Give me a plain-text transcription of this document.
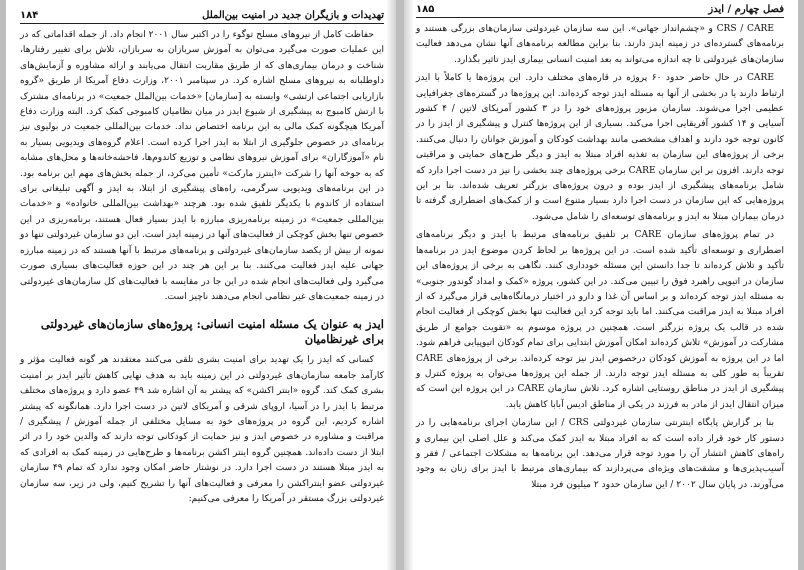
تهدیدات و بازیگران جدید در امنیت بین‌الملل
۱۸۴

حفاظت کامل از نیروهای مسلح توگوء را در اکتبر سال ۲۰۰۱ انجام داد. از جمله اقداماتی که در این عملیات صورت می‌گیرد می‌توان به آموزش سربازان به سربازان، تلاش برای تغییر رفتارها، شناخت و درمان بیماری‌های که از طریق مقاربت انتقال می‌یابند و ارائه مشاوره و آزمایش‌های داوطلبانه به نیروهای مسلح اشاره کرد. در سپتامبر ۲۰۰۱، وزارت دفاع آمریکا از طریق «گروه بازاریابی اجتماعی ارتشی» وابسته به [سازمان] «خدمات بین‌الملل جمعیت» در برنامه‌ای مشترک با ارتش کامبوج به پیشگیری از شیوع ایدز در میان نظامیان کامبوجی کمک کرد. البته وزارت دفاع آمریکا هیچگونه کمک مالی به این برنامه اختصاص نداد. خدمات بین‌المللی جمعیت در بولیوی نیز برنامه‌ای در خصوص جلوگیری از ابتلا به ایدز اجرا کرده است. اعلام گروه‌های ویدیویی بسیار به نام «آموزگاران» برای آموزش نیروهای نظامی و توزیع کاندوم‌ها، فاحشه‌خانه‌ها و محل‌های مشابه که به جوخه آنها را شرکت «اینترز مارکت» تأمین می‌کرد، از جمله بخش‌های مهم این برنامه بود. در این برنامه‌های ویدیویی سرگرمی، راه‌های پیشگیری از ابتلا، به ایدز و آگهی تبلیغاتی برای استفاده از کاندوم با یکدیگر تلفیق شده بود. هرچند «بهداشت بین‌المللی خانواده» و «خدمات بین‌المللی جمعیت» در زمینه برنامه‌ریزی مبارزه با ایدز بسیار فعال هستند، برنامه‌ریزی در این خصوص تنها بخش کوچکی از فعالیت‌های آنها در زمینه ایدز است. این دو سازمان غیردولتی تنها دو نمونه از بیش از یکصد سازمان‌های غیردولتی و برنامه‌های مرتبط با آنها هستند که در زمینه مبارزه جهانی علیه ایدز فعالیت می‌کنند. بنا بر این هر چند در این حوزه فعالیت‌های بسیاری صورت می‌گیرد ولی فعالیت‌های انجام شده در این جا در مقایسه با فعالیت‌های کل سازمان‌های غیردولتی در زمینه جمعیت‌های غیر نظامی انجام می‌دهند ناچیز است.

ایدز به عنوان یک مسئله امنیت انسانی: پروژه‌های سازمان‌های غیردولتی برای غیرنظامیان

کسانی که ایدز را یک تهدید برای امنیت بشری تلقی می‌کنند معتقدند هر گونه فعالیت مؤثر و کارآمد جامعه سازمان‌های غیردولتی در این زمینه باید به هدف نهایی کاهش تأثیر ایدز بر امنیت بشری کمک کند. گروه «اینتر اکشن» که پیشتر به آن اشاره شد ۴۹ عضو دارد و پروژه‌های مختلف مرتبط با ایدز را در آسیا، اروپای شرقی و آمریکای لاتین در دست اجرا دارد. همانگونه که پیشتر اشاره کردیم، این گروه در پروژه‌های خود به مسایل مختلفی از جمله آموزش / پیشگیری / مراقبت و مشاوره در خصوص ایدز و نیز حمایت از کودکانی توجه دارند که والدین خود را در اثر ابتلا از دست داده‌اند. همچنین گروه اینتر اکشن برنامه‌ها و طرح‌هایی در زمینه کمک به افرادی که به ایدز مبتلا هستند در دست اجرا دارد. در نوشتار حاضر امکان وجود ندارد که تمام ۴۹ سازمان غیردولتی عضو اینتراکشن را معرفی و فعالیت‌های آنها را تشریح کنیم، ولی در زیر، سه سازمان غیردولتی بزرگ مستقر در آمریکا را معرفی می‌کنیم:

فصل چهارم / ایدز
۱۸۵

CRS / CARE و «چشم‌انداز جهانی». این سه سازمان غیردولتی سازمان‌های بزرگی هستند و برنامه‌های گسترده‌ای در زمینه ایدز دارند. بنا براین مطالعه برنامه‌های آنها نشان می‌دهد فعالیت سازمان‌های غیردولتی تا چه اندازه می‌تواند به بعد امنیت انسانی بیماری ایدز تاثیر بگذارد.

CARE در حال حاضر حدود ۶۰ پروژه در قاره‌های مختلف دارد. این پروژه‌ها یا کاملاً با ایدز ارتباط دارند یا در بخشی از آنها به مسئله ایدز توجه کرده‌اند. این پروژه‌ها در گستره‌های جغرافیایی عظیمی اجرا می‌شوند. سازمان مزبور پروژه‌های خود را در ۳ کشور آمریکای لاتین / ۴ کشور آسیایی و ۱۴ کشور آفریقایی اجرا می‌کند. بسیاری از این پروژه‌ها کنترل و پیشگیری از ایدز را در کانون توجه خود دارند و اهداف مشخصی مانند بهداشت کودکان و آموزش جوانان را دنبال می‌کنند. برخی از پروژه‌های این سازمان به تغذیه افراد مبتلا به ایدز و دیگر طرح‌های حمایتی و مراقبتی توجه دارند. افزون بر این سازمان CARE برخی پروژه‌های چند بخشی را نیز در دست اجرا دارد که شامل برنامه‌های پیشگیری از ایدز بوده و درون پروژه‌های بزرگتر تعریف شده‌اند. بنا بر این پروژه‌هایی که این سازمان در دست اجرا دارد بسیار متنوع است و از کمک‌های اضطراری گرفته تا درمان بیماران مبتلا به ایدز و برنامه‌های توسعه‌ای را شامل می‌شود.

در تمام پروژه‌های سازمان CARE بر تلفیق برنامه‌های مرتبط با ایدز و دیگر برنامه‌های اضطراری و توسعه‌ای تأکید شده است. در این پروژه‌ها بر لحاظ کردن موضوع ایدز در برنامه‌ها تأکید و تلاش کرده‌اند تا جدا دانستن این مسئله خودداری کنند. نگاهی به برخی از پروژه‌های این سازمان در اتیوپی راهبرد فوق را تبیین می‌کند. در این کشور، پروژه «کمک و امداد گوندور جنوبی» به مسئله ایدز توجه کرده‌اند و بر اساس آن غذا و دارو در اختیار درمانگاه‌هایی قرار می‌گیرد که از افراد مبتلا به ایدز مراقبت می‌کنند. اما باید توجه کرد این فعالیت تنها بخش کوچکی از فعالیت انجام شده در قالب یک پروژه بزرگتر است. همچنین در پروژه موسوم به «تقویت جوامع از طریق مشارکت در آموزش» تلاش کرده‌اند امکان آموزش ابتدایی برای تمام کودکان اتیوپیایی فراهم شود. اما در این پروژه به آموزش کودکان درخصوص ایدز نیز توجه کرده‌اند. برخی از پروژه‌های CARE تقریباً به طور کلی به مسئله ایدز توجه دارند. از جمله این پروژه‌ها می‌توان به پروژه کنترل و پیشگیری از ایدز در مناطق روستایی اشاره کرد. تلاش سازمان CARE در این پروژه این است که میزان انتقال ایدز از مادر به فرزند در یکی از مناطق ادیس آبابا کاهش یابد.

بنا بر گزارش پایگاه اینترنتی سازمان غیردولتی CRS / این سازمان اجرای برنامه‌هایی را در دستور کار خود قرار داده است که به افراد مبتلا به ایدز کمک می‌کند و علل اصلی این بیماری و راه‌های کاهش انتشار آن را مورد توجه قرار می‌دهد. این برنامه‌ها به مشکلات اجتماعی / فقر و آسیب‌پذیری‌ها و مشقت‌های ویژه‌ای می‌پردازند که بیماری‌های مرتبط با ایدز برای زنان به وجود می‌آورند. در پایان سال ۲۰۰۲ / این سازمان حدود ۲ میلیون فرد مبتلا
